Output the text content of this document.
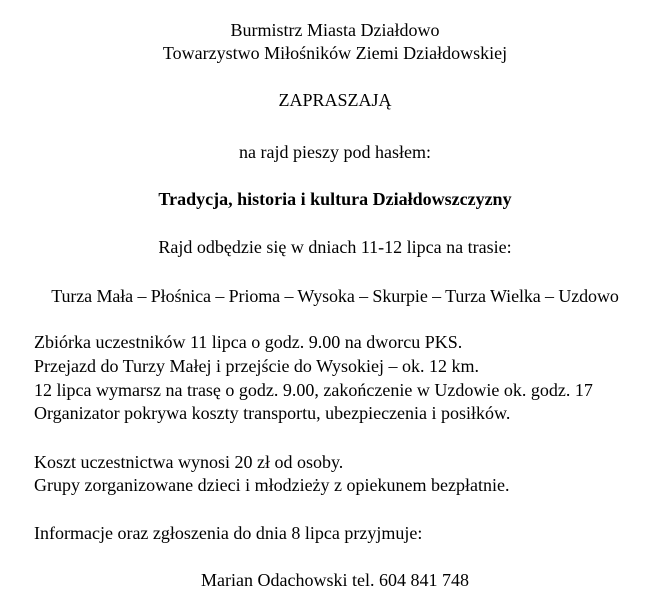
Burmistrz Miasta Działdowo
Towarzystwo Miłośników Ziemi Działdowskiej
ZAPRASZAJĄ
na rajd pieszy pod hasłem:
Tradycja, historia i kultura Działdowszczyzny
Rajd odbędzie się w dniach 11-12 lipca na trasie:
Turza Mała – Płośnica – Prioma – Wysoka – Skurpie – Turza Wielka – Uzdowo
Zbiórka uczestników 11 lipca o godz. 9.00 na dworcu PKS.
Przejazd do Turzy Małej i przejście do Wysokiej – ok. 12 km.
12 lipca wymarsz na trasę o godz. 9.00, zakończenie w Uzdowie ok. godz. 17
Organizator pokrywa koszty transportu, ubezpieczenia i posiłków.
Koszt uczestnictwa wynosi 20 zł od osoby.
Grupy zorganizowane dzieci i młodzieży z opiekunem bezpłatnie.
Informacje oraz zgłoszenia do dnia 8 lipca przyjmuje:
Marian Odachowski tel. 604 841 748
